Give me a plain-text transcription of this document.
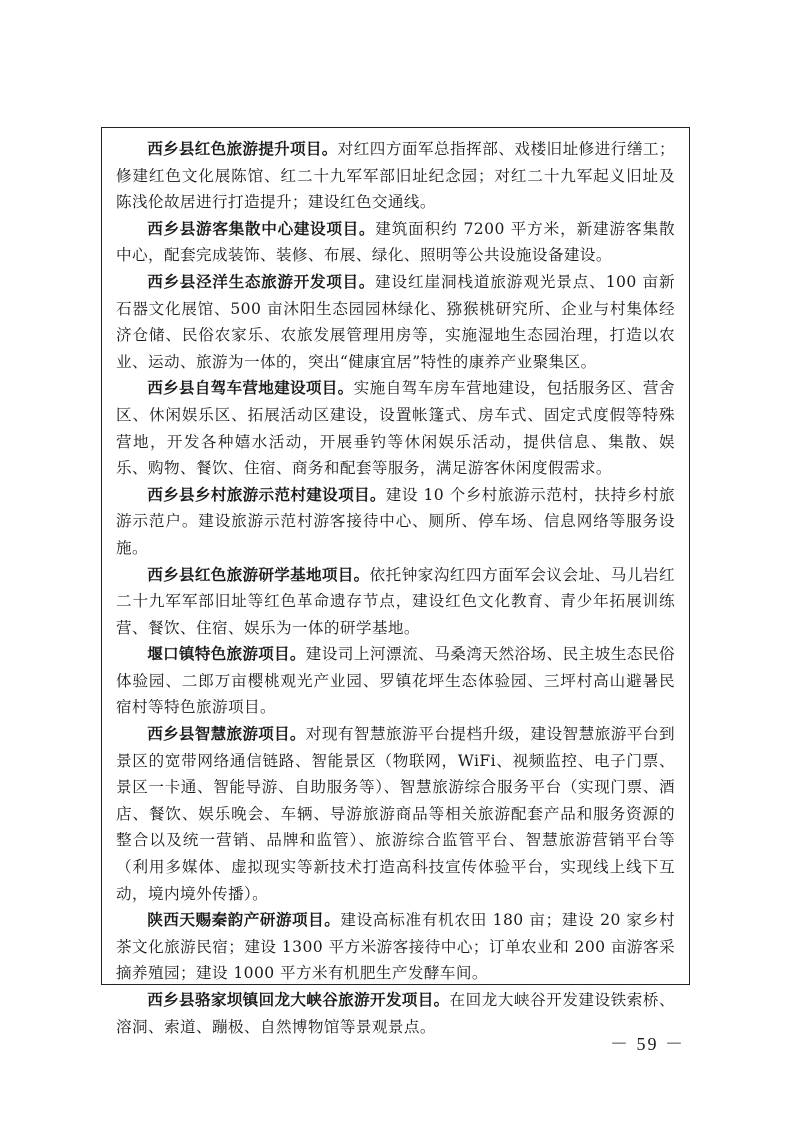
西乡县红色旅游提升项目。对红四方面军总指挥部、戏楼旧址修进行缮工；修建红色文化展陈馆、红二十九军军部旧址纪念园；对红二十九军起义旧址及陈浅伦故居进行打造提升；建设红色交通线。

西乡县游客集散中心建设项目。建筑面积约 7200 平方米，新建游客集散中心，配套完成装饰、装修、布展、绿化、照明等公共设施设备建设。

西乡县泾洋生态旅游开发项目。建设红崖洞栈道旅游观光景点、100 亩新石器文化展馆、500 亩沐阳生态园园林绿化、猕猴桃研究所、企业与村集体经济仓储、民俗农家乐、农旅发展管理用房等，实施湿地生态园治理，打造以农业、运动、旅游为一体的，突出“健康宜居”特性的康养产业聚集区。

西乡县自驾车营地建设项目。实施自驾车房车营地建设，包括服务区、营舍区、休闲娱乐区、拓展活动区建设，设置帐篷式、房车式、固定式度假等特殊营地，开发各种嬉水活动，开展垂钓等休闲娱乐活动，提供信息、集散、娱乐、购物、餐饮、住宿、商务和配套等服务，满足游客休闲度假需求。

西乡县乡村旅游示范村建设项目。建设 10 个乡村旅游示范村，扶持乡村旅游示范户。建设旅游示范村游客接待中心、厕所、停车场、信息网络等服务设施。

西乡县红色旅游研学基地项目。依托钟家沟红四方面军会议会址、马儿岩红二十九军军部旧址等红色革命遗存节点，建设红色文化教育、青少年拓展训练营、餐饮、住宿、娱乐为一体的研学基地。

堰口镇特色旅游项目。建设司上河漂流、马桑湾天然浴场、民主坡生态民俗体验园、二郎万亩樱桃观光产业园、罗镇花坪生态体验园、三坪村高山避暑民宿村等特色旅游项目。

西乡县智慧旅游项目。对现有智慧旅游平台提档升级，建设智慧旅游平台到景区的宽带网络通信链路、智能景区（物联网，WiFi、视频监控、电子门票、景区一卡通、智能导游、自助服务等）、智慧旅游综合服务平台（实现门票、酒店、餐饮、娱乐晚会、车辆、导游旅游商品等相关旅游配套产品和服务资源的整合以及统一营销、品牌和监管）、旅游综合监管平台、智慧旅游营销平台等（利用多媒体、虚拟现实等新技术打造高科技宣传体验平台，实现线上线下互动，境内境外传播）。

陕西天赐秦韵产研游项目。建设高标准有机农田 180 亩；建设 20 家乡村茶文化旅游民宿；建设 1300 平方米游客接待中心；订单农业和 200 亩游客采摘养殖园；建设 1000 平方米有机肥生产发酵车间。

西乡县骆家坝镇回龙大峡谷旅游开发项目。在回龙大峡谷开发建设铁索桥、溶洞、索道、蹦极、自然博物馆等景观景点。

－ 59 －
